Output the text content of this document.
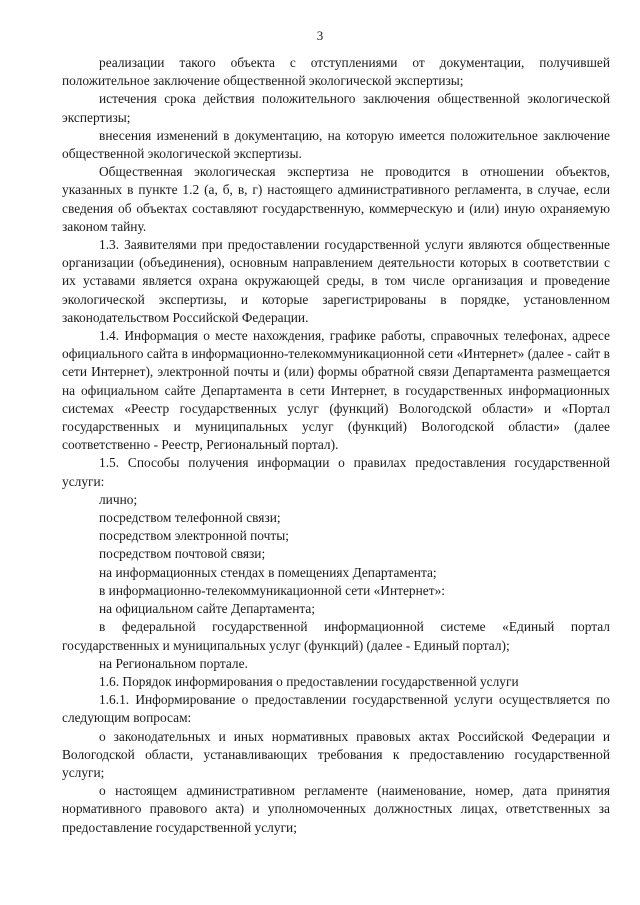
3

реализации такого объекта с отступлениями от документации, получившей положительное заключение общественной экологической экспертизы;

истечения срока действия положительного заключения общественной экологической экспертизы;

внесения изменений в документацию, на которую имеется положительное заключение общественной экологической экспертизы.

Общественная экологическая экспертиза не проводится в отношении объектов, указанных в пункте 1.2 (а, б, в, г) настоящего административного регламента, в случае, если сведения об объектах составляют государственную, коммерческую и (или) иную охраняемую законом тайну.

1.3. Заявителями при предоставлении государственной услуги являются общественные организации (объединения), основным направлением деятельности которых в соответствии с их уставами является охрана окружающей среды, в том числе организация и проведение экологической экспертизы, и которые зарегистрированы в порядке, установленном законодательством Российской Федерации.

1.4. Информация о месте нахождения, графике работы, справочных телефонах, адресе официального сайта в информационно-телекоммуникационной сети «Интернет» (далее - сайт в сети Интернет), электронной почты и (или) формы обратной связи Департамента размещается на официальном сайте Департамента в сети Интернет, в государственных информационных системах «Реестр государственных услуг (функций) Вологодской области» и «Портал государственных и муниципальных услуг (функций) Вологодской области» (далее соответственно - Реестр, Региональный портал).

1.5. Способы получения информации о правилах предоставления государственной услуги:

лично;

посредством телефонной связи;

посредством электронной почты;

посредством почтовой связи;

на информационных стендах в помещениях Департамента;

в информационно-телекоммуникационной сети «Интернет»:

на официальном сайте Департамента;

в федеральной государственной информационной системе «Единый портал государственных и муниципальных услуг (функций) (далее - Единый портал);

на Региональном портале.

1.6. Порядок информирования о предоставлении государственной услуги

1.6.1. Информирование о предоставлении государственной услуги осуществляется по следующим вопросам:

о законодательных и иных нормативных правовых актах Российской Федерации и Вологодской области, устанавливающих требования к предоставлению государственной услуги;

о настоящем административном регламенте (наименование, номер, дата принятия нормативного правового акта) и уполномоченных должностных лицах, ответственных за предоставление государственной услуги;
